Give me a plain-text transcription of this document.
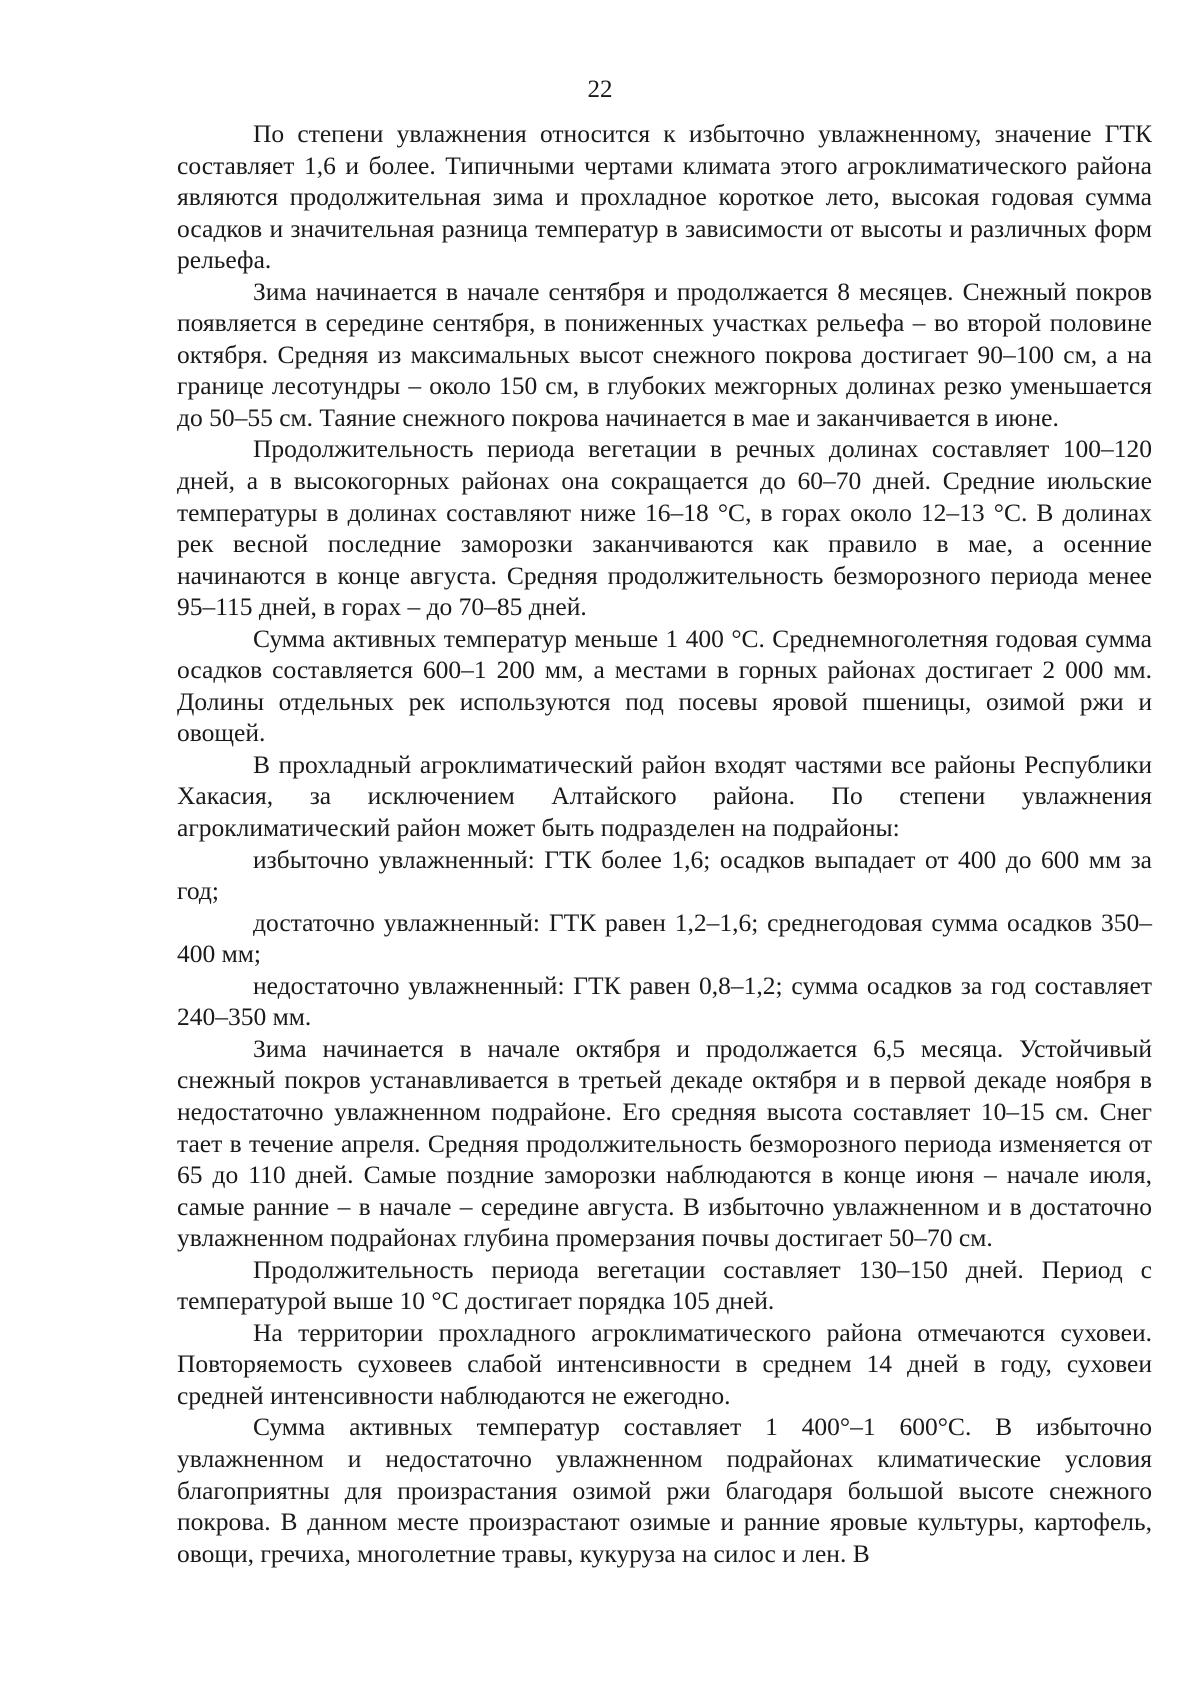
22

По степени увлажнения относится к избыточно увлажненному, значение ГТК составляет 1,6 и более. Типичными чертами климата этого агроклиматического района являются продолжительная зима и прохладное короткое лето, высокая годовая сумма осадков и значительная разница температур в зависимости от высоты и различных форм рельефа.

Зима начинается в начале сентября и продолжается 8 месяцев. Снежный покров появляется в середине сентября, в пониженных участках рельефа – во второй половине октября. Средняя из максимальных высот снежного покрова достигает 90–100 см, а на границе лесотундры – около 150 см, в глубоких межгорных долинах резко уменьшается до 50–55 см. Таяние снежного покрова начинается в мае и заканчивается в июне.

Продолжительность периода вегетации в речных долинах составляет 100–120 дней, а в высокогорных районах она сокращается до 60–70 дней. Средние июльские температуры в долинах составляют ниже 16–18 °C, в горах около 12–13 °C. В долинах рек весной последние заморозки заканчиваются как правило в мае, а осенние начинаются в конце августа. Средняя продолжительность безморозного периода менее 95–115 дней, в горах – до 70–85 дней.

Сумма активных температур меньше 1 400 °C. Среднемноголетняя годовая сумма осадков составляется 600–1 200 мм, а местами в горных районах достигает 2 000 мм. Долины отдельных рек используются под посевы яровой пшеницы, озимой ржи и овощей.

В прохладный агроклиматический район входят частями все районы Республики Хакасия, за исключением Алтайского района. По степени увлажнения агроклиматический район может быть подразделен на подрайоны:

избыточно увлажненный: ГТК более 1,6; осадков выпадает от 400 до 600 мм за год;

достаточно увлажненный: ГТК равен 1,2–1,6; среднегодовая сумма осадков 350–400 мм;

недостаточно увлажненный: ГТК равен 0,8–1,2; сумма осадков за год составляет 240–350 мм.

Зима начинается в начале октября и продолжается 6,5 месяца. Устойчивый снежный покров устанавливается в третьей декаде октября и в первой декаде ноября в недостаточно увлажненном подрайоне. Его средняя высота составляет 10–15 см. Снег тает в течение апреля. Средняя продолжительность безморозного периода изменяется от 65 до 110 дней. Самые поздние заморозки наблюдаются в конце июня – начале июля, самые ранние – в начале – середине августа. В избыточно увлажненном и в достаточно увлажненном подрайонах глубина промерзания почвы достигает 50–70 см.

Продолжительность периода вегетации составляет 130–150 дней. Период с температурой выше 10 °C достигает порядка 105 дней.

На территории прохладного агроклиматического района отмечаются суховеи. Повторяемость суховеев слабой интенсивности в среднем 14 дней в году, суховеи средней интенсивности наблюдаются не ежегодно.

Сумма активных температур составляет 1 400°–1 600°C. В избыточно увлажненном и недостаточно увлажненном подрайонах климатические условия благоприятны для произрастания озимой ржи благодаря большой высоте снежного покрова. В данном месте произрастают озимые и ранние яровые культуры, картофель, овощи, гречиха, многолетние травы, кукуруза на силос и лен. В
